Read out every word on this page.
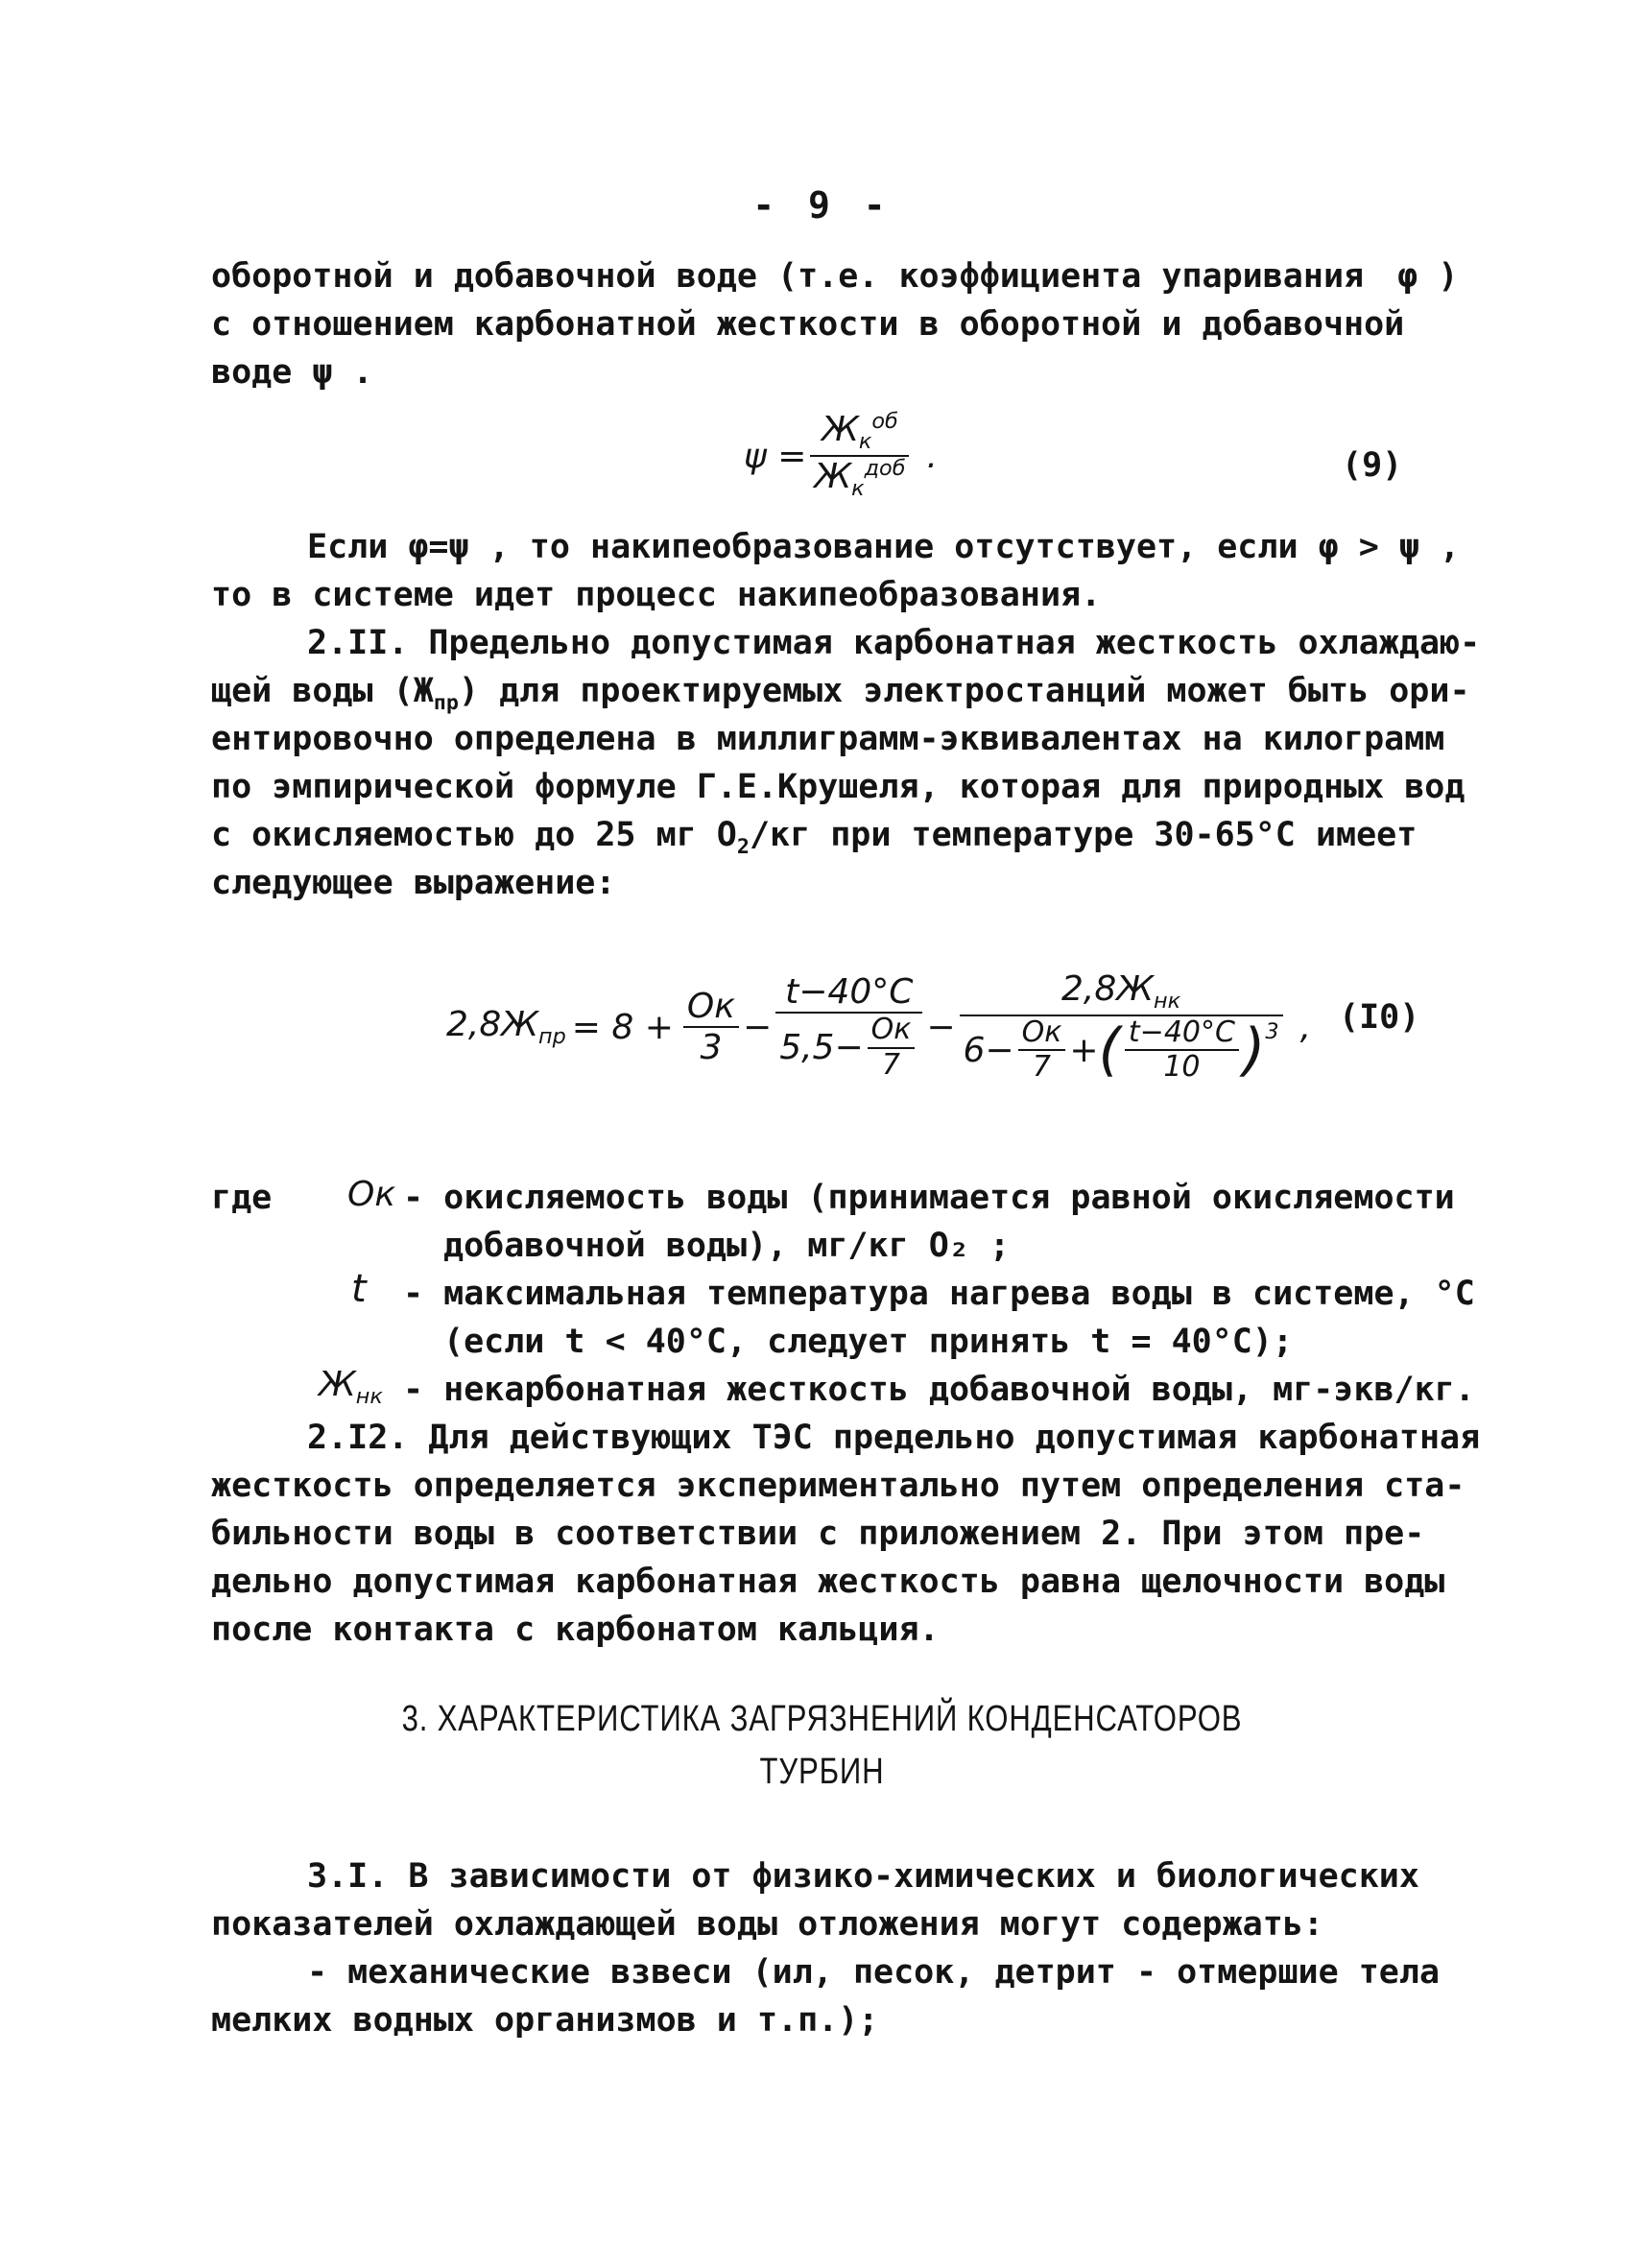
- 9 -
оборотной и добавочной воде (т.е. коэффициента упаривания φ )
с отношением карбонатной жесткости в оборотной и добавочной
воде ψ .
$\psi = \frac{Ж_к^{об}}{Ж_к^{доб}}$ .	(9)
Если φ=ψ , то накипеобразование отсутствует, если φ > ψ ,
то в системе идет процесс накипеобразования.
2.II. Предельно допустимая карбонатная жесткость охлаждаю-
щей воды $(Ж_{пр})$ для проектируемых электростанций может быть ори-
ентировочно определена в миллиграмм-эквивалентах на килограмм
по эмпирической формуле Г.Е.Крушеля, которая для природных вод
с окисляемостью до 25 мг $О_2/кг$ при температуре 30-65°С имеет
следующее выражение:
$2,8Ж_{пр} = 8 + \frac{Ок}{3} - \frac{t-40^\circ C}{5,5- \frac{Ок}{7}}$ −
$2,8Ж_{нк}$
$6- \frac{Ок}{7}$ + ( $\frac{t-40^\circ C}{10} )^3$ , (I0)
где Ок - окисляемость воды (принимается равной окисляемости
добавочной воды), мг/кг О₂ ;
t - максимальная температура нагрева воды в системе, °С
(если t < 40°С, следует принять t = 40°С);
$Ж_{нк}$ - некарбонатная жесткость добавочной воды, мг-экв/кг.
2.I2. Для действующих ТЭС предельно допустимая карбонатная
жесткость определяется экспериментально путем определения ста-
бильности воды в соответствии с приложением 2. При этом пре-
дельно допустимая карбонатная жесткость равна щелочности воды
после контакта с карбонатом кальция.
3. ХАРАКТЕРИСТИКА ЗАГРЯЗНЕНИЙ КОНДЕНСАТОРОВ
ТУРБИН
3.I. В зависимости от физико-химических и биологических
показателей охлаждающей воды отложения могут содержать:
- механические взвеси (ил, песок, детрит - отмершие тела
мелких водных организмов и т.п.);
